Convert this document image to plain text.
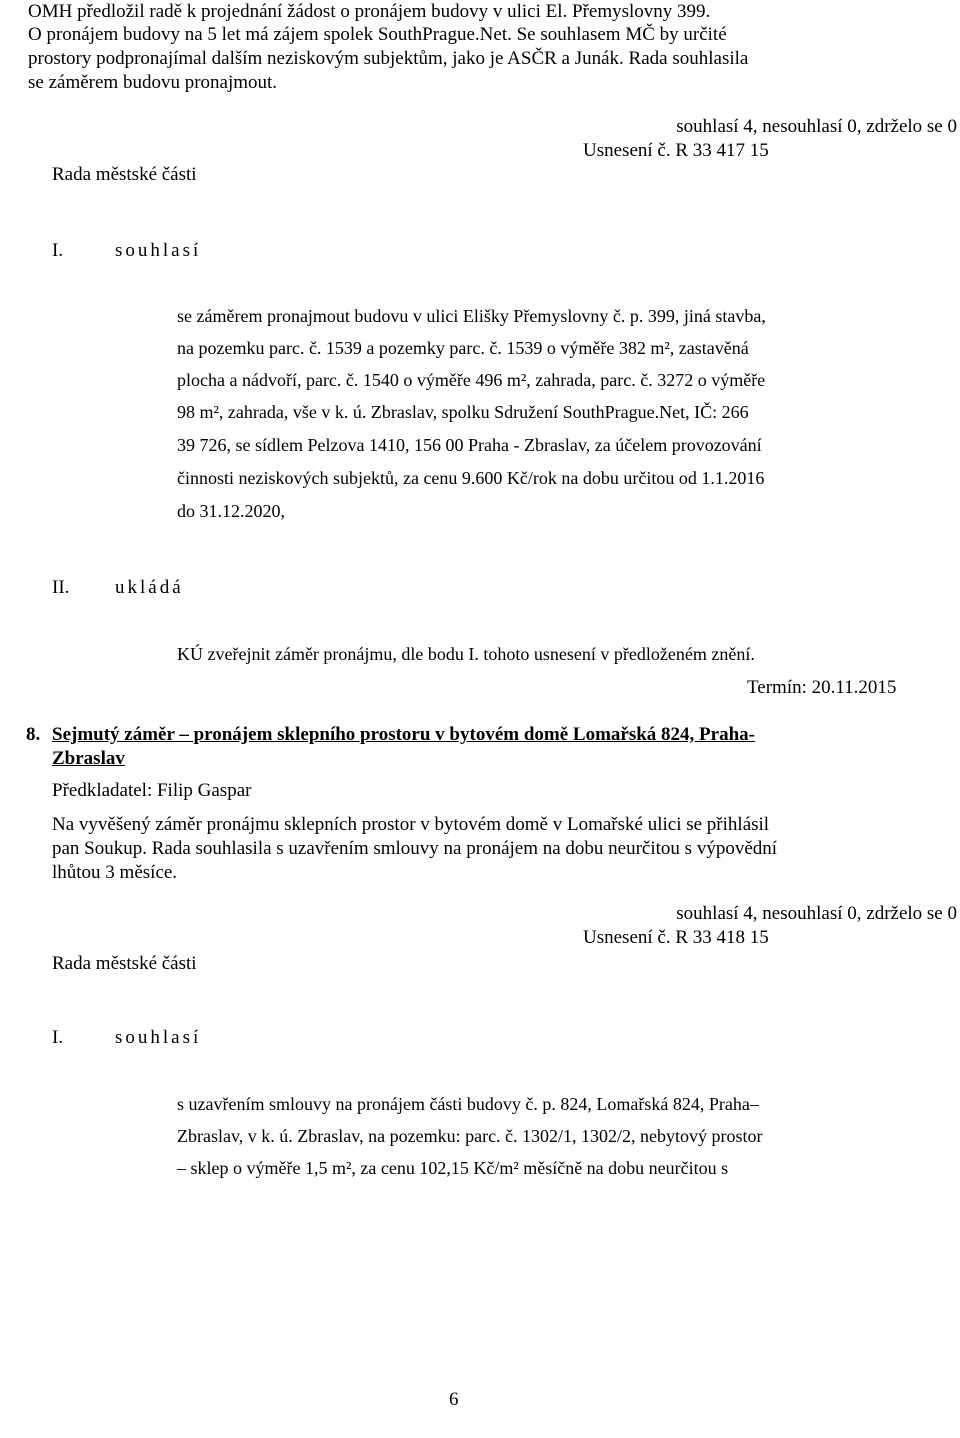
OMH předložil radě k projednání žádost o pronájem budovy v ulici El. Přemyslovny 399.
O pronájem budovy na 5 let má zájem spolek SouthPrague.Net. Se souhlasem MČ by určité
prostory podpronajímal dalším neziskovým subjektům, jako je ASČR a Junák. Rada souhlasila
se záměrem budovu pronajmout.
souhlasí 4, nesouhlasí 0, zdrželo se 0
Usnesení č. R 33 417 15
Rada městské části
I.	souhlasí
se záměrem pronajmout budovu v ulici Elišky Přemyslovny č. p. 399, jiná stavba,
na pozemku parc. č. 1539 a pozemky parc. č. 1539 o výměře 382 m², zastavěná
plocha a nádvoří, parc. č. 1540 o výměře 496 m², zahrada, parc. č. 3272 o výměře
98 m², zahrada, vše v k. ú. Zbraslav, spolku Sdružení SouthPrague.Net, IČ: 266
39 726, se sídlem Pelzova 1410, 156 00 Praha - Zbraslav, za účelem provozování
činnosti neziskových subjektů, za cenu 9.600 Kč/rok na dobu určitou od 1.1.2016
do 31.12.2020,
II. ukládá
KÚ zveřejnit záměr pronájmu, dle bodu I. tohoto usnesení v předloženém znění.
Termín: 20.11.2015
8. Sejmutý záměr – pronájem sklepního prostoru v bytovém domě Lomařská 824, Praha-
Zbraslav
Předkladatel: Filip Gaspar
Na vyvěšený záměr pronájmu sklepních prostor v bytovém domě v Lomařské ulici se přihlásil
pan Soukup. Rada souhlasila s uzavřením smlouvy na pronájem na dobu neurčitou s výpovědní
lhůtou 3 měsíce.
souhlasí 4, nesouhlasí 0, zdrželo se 0
Usnesení č. R 33 418 15
Rada městské části
I.	souhlasí
s uzavřením smlouvy na pronájem části budovy č. p. 824, Lomařská 824, Praha–
Zbraslav, v k. ú. Zbraslav, na pozemku: parc. č. 1302/1, 1302/2, nebytový prostor
– sklep o výměře 1,5 m², za cenu 102,15 Kč/m² měsíčně na dobu neurčitou s
6
